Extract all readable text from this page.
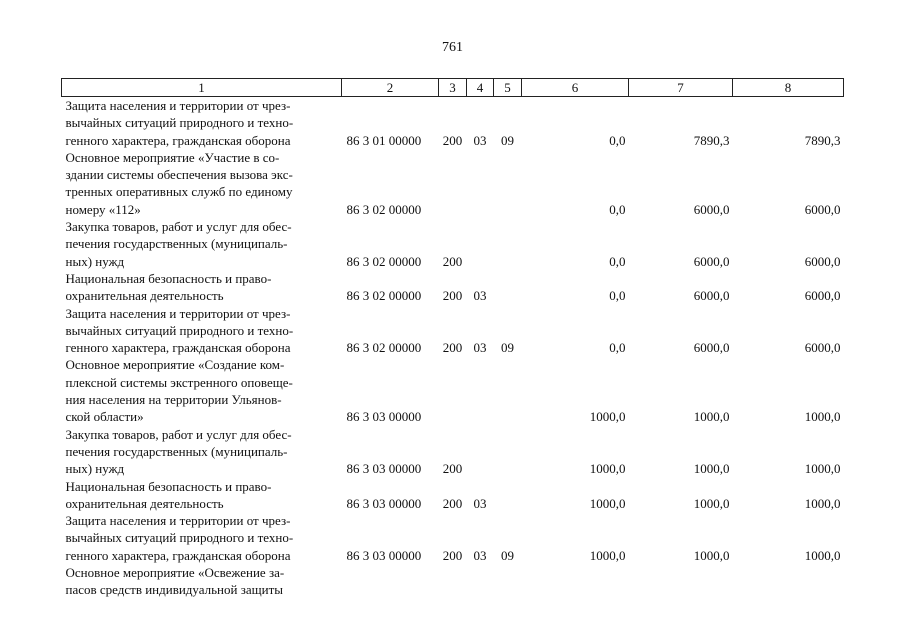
761
1	2	3	4	5	6	7	8

Защита населения и территории от чрез-
вычайных ситуаций природного и техно-
генного характера, гражданская оборона	86 3 01 00000	200	03	09	0,0	7890,3	7890,3

Основное мероприятие «Участие в со-
здании системы обеспечения вызова экс-
тренных оперативных служб по единому
номеру «112»	86 3 02 00000				0,0	6000,0	6000,0

Закупка товаров, работ и услуг для обес-
печения государственных (муниципаль-
ных) нужд	86 3 02 00000	200			0,0	6000,0	6000,0

Национальная безопасность и право-
охранительная деятельность	86 3 02 00000	200	03		0,0	6000,0	6000,0

Защита населения и территории от чрез-
вычайных ситуаций природного и техно-
генного характера, гражданская оборона	86 3 02 00000	200	03	09	0,0	6000,0	6000,0

Основное мероприятие «Создание ком-
плексной системы экстренного оповеще-
ния населения на территории Ульянов-
ской области»	86 3 03 00000				1000,0	1000,0	1000,0

Закупка товаров, работ и услуг для обес-
печения государственных (муниципаль-
ных) нужд	86 3 03 00000	200			1000,0	1000,0	1000,0

Национальная безопасность и право-
охранительная деятельность	86 3 03 00000	200	03		1000,0	1000,0	1000,0

Защита населения и территории от чрез-
вычайных ситуаций природного и техно-
генного характера, гражданская оборона	86 3 03 00000	200	03	09	1000,0	1000,0	1000,0

Основное мероприятие «Освежение за-
пасов средств индивидуальной защиты							
